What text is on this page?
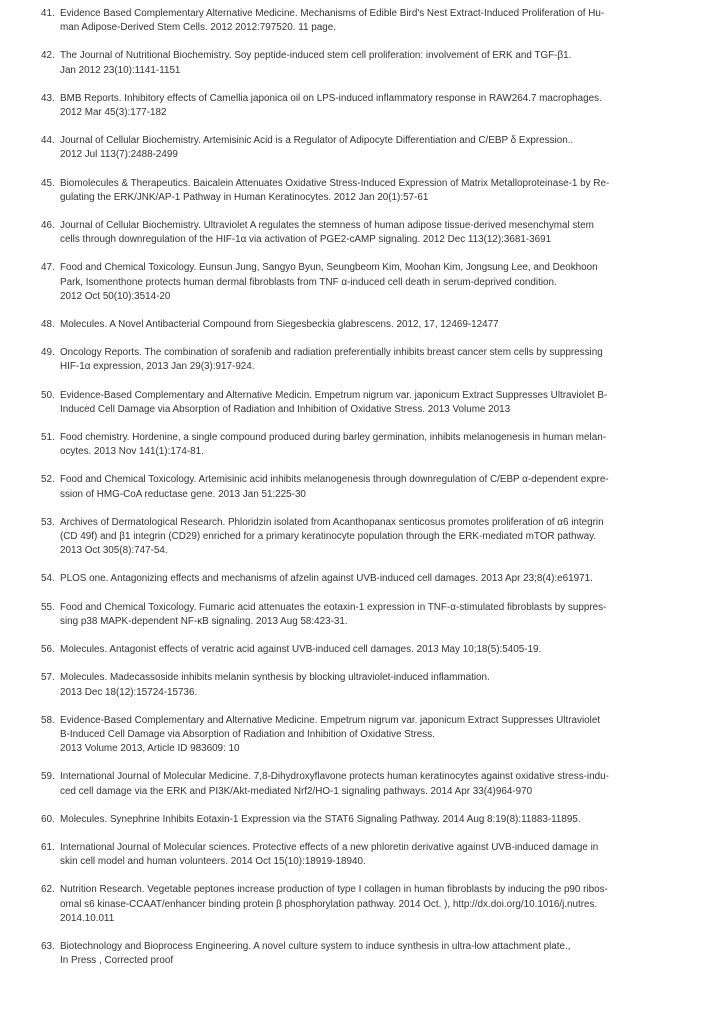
41. Evidence Based Complementary Alternative Medicine. Mechanisms of Edible Bird's Nest Extract-Induced Proliferation of Hu-
man Adipose-Derived Stem Cells. 2012 2012:797520. 11 page.
42. The Journal of Nutritional Biochemistry. Soy peptide-induced stem cell proliferation: involvement of ERK and TGF-β1.
Jan 2012 23(10):1141-1151
43. BMB Reports. Inhibitory effects of Camellia japonica oil on LPS-induced inflammatory response in RAW264.7 macrophages.
2012 Mar 45(3):177-182
44. Journal of Cellular Biochemistry. Artemisinic Acid is a Regulator of Adipocyte Differentiation and C/EBP δ Expression..
2012 Jul 113(7):2488-2499
45. Biomolecules & Therapeutics. Baicalein Attenuates Oxidative Stress-Induced Expression of Matrix Metalloproteinase-1 by Re-
gulating the ERK/JNK/AP-1 Pathway in Human Keratinocytes. 2012 Jan 20(1):57-61
46. Journal of Cellular Biochemistry. Ultraviolet A regulates the stemness of human adipose tissue-derived mesenchymal stem
cells through downregulation of the HIF-1α via activation of PGE2-cAMP signaling. 2012 Dec 113(12):3681-3691
47. Food and Chemical Toxicology. Eunsun Jung, Sangyo Byun, Seungbeom Kim, Moohan Kim, Jongsung Lee, and Deokhoon
Park, Isomenthone protects human dermal fibroblasts from TNF α-induced cell death in serum-deprived condition.
2012 Oct 50(10):3514-20
48. Molecules. A Novel Antibacterial Compound from Siegesbeckia glabrescens. 2012, 17, 12469-12477
49. Oncology Reports. The combination of sorafenib and radiation preferentially inhibits breast cancer stem cells by suppressing
HIF-1α expression, 2013 Jan 29(3):917-924.
50. Evidence-Based Complementary and Alternative Medicin. Empetrum nigrum var. japonicum Extract Suppresses Ultraviolet B-
Induced Cell Damage via Absorption of Radiation and Inhibition of Oxidative Stress. 2013 Volume 2013
51. Food chemistry. Hordenine, a single compound produced during barley germination, inhibits melanogenesis in human melan-
ocytes. 2013 Nov 141(1):174-81.
52. Food and Chemical Toxicology. Artemisinic acid inhibits melanogenesis through downregulation of C/EBP α-dependent expre-
ssion of HMG-CoA reductase gene. 2013 Jan 51:225-30
53. Archives of Dermatological Research. Phloridzin isolated from Acanthopanax senticosus promotes proliferation of α6 integrin
(CD 49f) and β1 integrin (CD29) enriched for a primary keratinocyte population through the ERK-mediated mTOR pathway.
2013 Oct 305(8):747-54.
54. PLOS one. Antagonizing effects and mechanisms of afzelin against UVB-induced cell damages. 2013 Apr 23;8(4):e61971.
55. Food and Chemical Toxicology. Fumaric acid attenuates the eotaxin-1 expression in TNF-α-stimulated fibroblasts by suppres-
sing p38 MAPK-dependent NF-κB signaling. 2013 Aug 58:423-31.
56. Molecules. Antagonist effects of veratric acid against UVB-induced cell damages. 2013 May 10;18(5):5405-19.
57. Molecules. Madecassoside inhibits melanin synthesis by blocking ultraviolet-induced inflammation.
2013 Dec 18(12):15724-15736.
58. Evidence-Based Complementary and Alternative Medicine. Empetrum nigrum var. japonicum Extract Suppresses Ultraviolet
B-Induced Cell Damage via Absorption of Radiation and Inhibition of Oxidative Stress.
2013 Volume 2013, Article ID 983609: 10
59. International Journal of Molecular Medicine. 7,8-Dihydroxyflavone protects human keratinocytes against oxidative stress-indu-
ced cell damage via the ERK and PI3K/Akt-mediated Nrf2/HO-1 signaling pathways. 2014 Apr 33(4)964-970
60. Molecules. Synephrine Inhibits Eotaxin-1 Expression via the STAT6 Signaling Pathway. 2014 Aug 8:19(8):11883-11895.
61. International Journal of Molecular sciences. Protective effects of a new phloretin derivative against UVB-induced damage in
skin cell model and human volunteers. 2014 Oct 15(10):18919-18940.
62. Nutrition Research. Vegetable peptones increase production of type I collagen in human fibroblasts by inducing the p90 ribos-
omal s6 kinase-CCAAT/enhancer binding protein β phosphorylation pathway. 2014 Oct. ), http://dx.doi.org/10.1016/j.nutres.
2014.10.011
63. Biotechnology and Bioprocess Engineering. A novel culture system to induce synthesis in ultra-low attachment plate.,
In Press , Corrected proof
